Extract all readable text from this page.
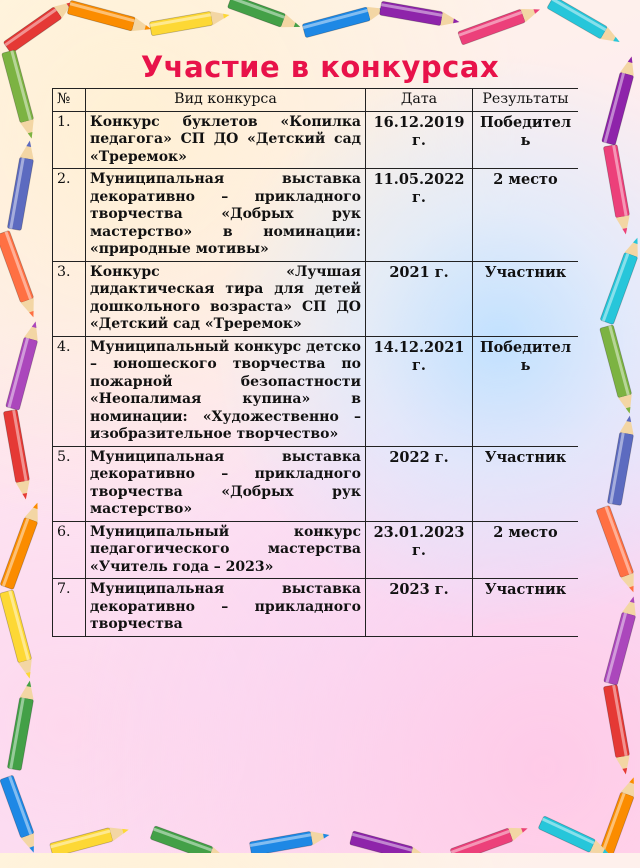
Участие в конкурсах
№	Вид конкурса	Дата	Результаты
1.	Конкурс буклетов «Копилка педагога» СП ДО «Детский сад «Треремок»	16.12.2019 г.	Победитель
2.	Муниципальная выставка декоративно – прикладного творчества «Добрых рук мастерство» в номинации: «природные мотивы»	11.05.2022 г.	2 место
3.	Конкурс «Лучшая дидактическая тира для детей дошкольного возраста» СП ДО «Детский сад «Треремок»	2021 г.	Участник
4.	Муниципальный конкурс детско – юношеского творчества по пожарной безопастности «Неопалимая купина» в номинации: «Художественно – изобразительное творчество»	14.12.2021 г.	Победитель
5.	Муниципальная выставка декоративно – прикладного творчества «Добрых рук мастерство»	2022 г.	Участник
6.	Муниципальный конкурс педагогического мастерства «Учитель года – 2023»	23.01.2023 г.	2 место
7.	Муниципальная выставка декоративно – прикладного творчества	2023 г.	Участник
